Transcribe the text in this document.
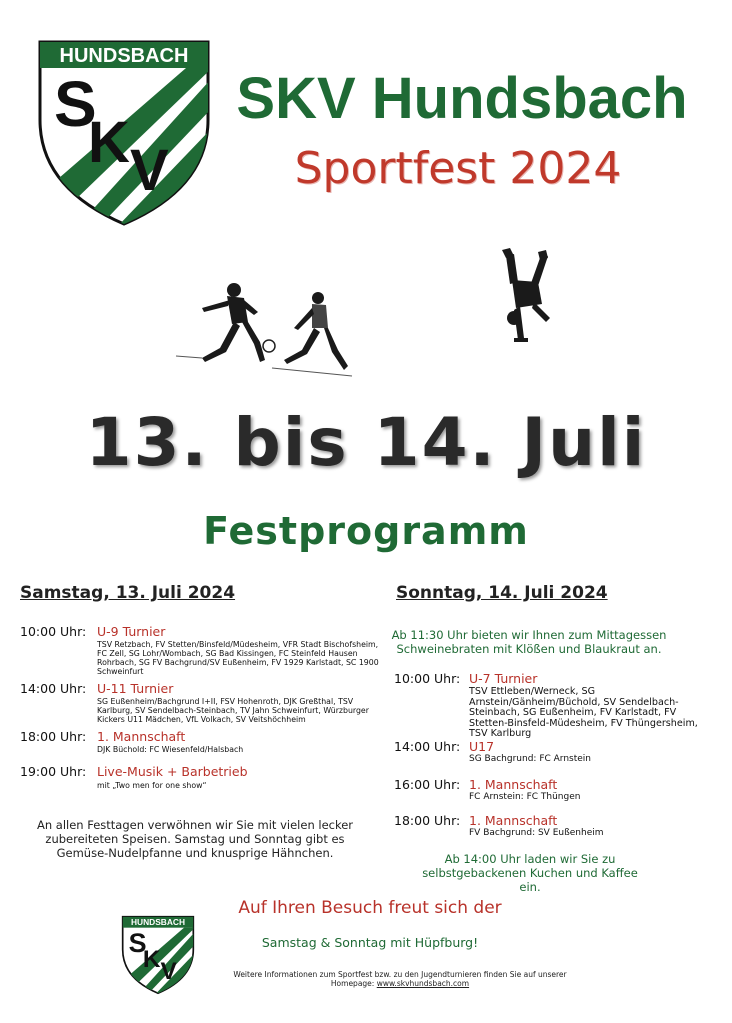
HUNDSBACH
S
K V
SKV Hundsbach
Sportfest 2024
13. bis 14. Juli
Festprogramm
Samstag, 13. Juli 2024
10:00 Uhr: U-9 Turnier
TSV Retzbach, FV Stetten/Binsfeld/Müdesheim, VFR Stadt Bischofsheim, FC Zell, SG Lohr/Wombach, SG Bad Kissingen, FC Steinfeld Hausen Rohrbach, SG FV Bachgrund/SV Eußenheim, FV 1929 Karlstadt, SC 1900 Schweinfurt
14:00 Uhr: U-11 Turnier
SG Eußenheim/Bachgrund I+II, FSV Hohenroth, DJK Greßthal, TSV Karlburg, SV Sendelbach-Steinbach, TV Jahn Schweinfurt, Würzburger Kickers U11 Mädchen, VfL Volkach, SV Veitshöchheim
18:00 Uhr: 1. Mannschaft
DJK Büchold: FC Wiesenfeld/Halsbach
19:00 Uhr: Live-Musik + Barbetrieb
mit „Two men for one show“
An allen Festtagen verwöhnen wir Sie mit vielen lecker zubereiteten Speisen. Samstag und Sonntag gibt es Gemüse-Nudelpfanne und knusprige Hähnchen.
Sonntag, 14. Juli 2024
Ab 11:30 Uhr bieten wir Ihnen zum Mittagessen Schweinebraten mit Klößen und Blaukraut an.
10:00 Uhr: U-7 Turnier
TSV Ettleben/Werneck, SG Arnstein/Gänheim/Büchold, SV Sendelbach-Steinbach, SG Eußenheim, FV Karlstadt, FV Stetten-Binsfeld-Müdesheim, FV Thüngersheim, TSV Karlburg
14:00 Uhr: U17
SG Bachgrund: FC Arnstein
16:00 Uhr: 1. Mannschaft
FC Arnstein: FC Thüngen
18:00 Uhr: 1. Mannschaft
FV Bachgrund: SV Eußenheim
Ab 14:00 Uhr laden wir Sie zu selbstgebackenen Kuchen und Kaffee ein.
HUNDSBACH
S
K V
Auf Ihren Besuch freut sich der
Samstag & Sonntag mit Hüpfburg!
Weitere Informationen zum Sportfest bzw. zu den Jugendturnieren finden Sie auf unserer Homepage: www.skvhundsbach.com
